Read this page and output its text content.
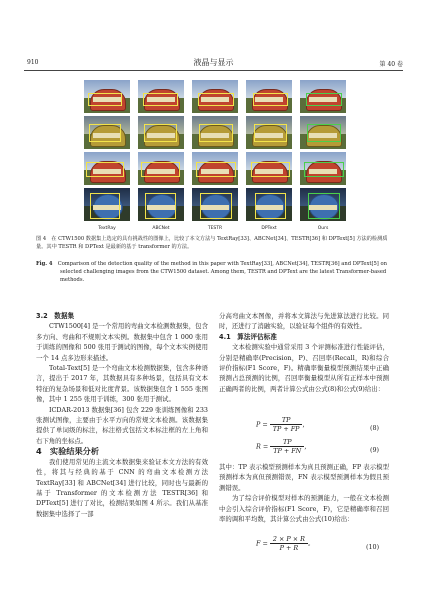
910	液晶与显示	第 40 卷
TextRay	ABCNet	TESTR	DPText	Ours
图 4　在 CTW1500 数据集上选定的具有挑战性的图像上，比较了本文方法与 TextRay[33]、ABCNet[34]、TESTR[36] 和 DPText[5] 方法的检测质量。其中 TESTR 和 DPText 是最新的基于 transformer 的方法。
Fig. 4　 Comparison of the detection quality of the method in this paper with TextRay[33], ABCNet[34], TESTR[36] and DPText[5] on selected challenging images from the CTW1500 dataset. Among them, TESTR and DPText are the latest Transformer-based methods.

3.2　数据集

CTW1500[4] 是一个常用的弯曲文本检测数据集，包含多方向、弯曲和不规则文本实例。数据集中包含 1 000 张用于训练的图像和 500 张用于测试的图像，每个文本实例使用一个 14 点多边形来描述。

Total-Text[5] 是一个弯曲文本检测数据集，包含多种语言，提出于 2017 年，其数据具有多种场景，包括具有文本特征的复杂场景和低对比度背景。该数据集包含 1 555 张图像，其中 1 255 张用于训练，300 张用于测试。

ICDAR-2013 数据集[36] 包含 229 张训练图像和 233 张测试图像，主要由于水平方向的常规文本检测。该数据集提供了单词级的标注，标注格式包括文本标注框的左上角和右下角的坐标点。

4　实验结果分析

我们使用常见的主流文本数据集来验证本文方法的有效性，将其与经典的基于 CNN 的弯曲文本检测方法 TextRay[33] 和 ABCNet[34] 进行比较，同时也与最新的基于 Transformer 的文本检测方法 TESTR[36] 和 DPText[5] 进行了对比，检测结果如图 4 所示。我们从基准数据集中选择了一部

分高弯曲文本图像，并将本文算法与先进算法进行比较。同时，还进行了消融实验，以验证每个组件的有效性。

4.1　算法评估标准

文本检测实验中通常采用 3 个评测标准进行性能评估，分别是精确率(Precision，P)、召回率(Recall，R)和综合评价指标(F1 Score，F)。精确率衡量模型预测结果中正确预测占总预测的比例，召回率衡量模型从所有正样本中预测正确两者的比例，两者计算公式由公式(8)和公式(9)给出：

$P = \frac{TP}{TP + FP}$ ，	(8)
$R = \frac{TP}{TP + FN}$ ，	(9)

其中：TP 表示模型预测样本为真且预测正确，FP 表示模型预测样本为真但预测错误，FN 表示模型预测样本为假且预测错误。

为了综合评价模型对样本的预测能力，一般在文本检测中会引入综合评价指标(F1 Score，F)，它是精确率和召回率的调和平均数，其计算公式由公式(10)给出：

$F = \frac{2 \times P \times R}{P + R}$ 。	(10)
